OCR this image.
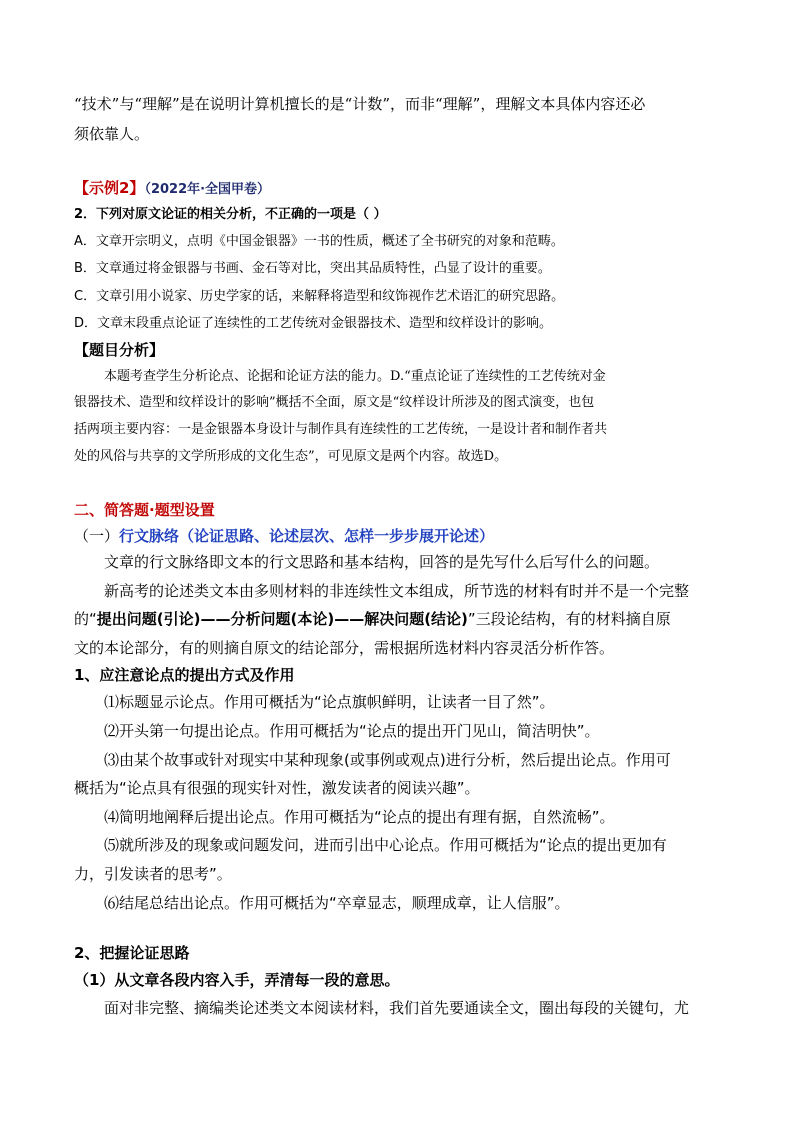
“技术”与“理解”是在说明计算机擅长的是“计数”，而非“理解”，理解文本具体内容还必
须依靠人。
【示例2】（2022年·全国甲卷）
2．下列对原文论证的相关分析，不正确的一项是（ ）
A．文章开宗明义，点明《中国金银器》一书的性质，概述了全书研究的对象和范畴。
B．文章通过将金银器与书画、金石等对比，突出其品质特性，凸显了设计的重要。
C．文章引用小说家、历史学家的话，来解释将造型和纹饰视作艺术语汇的研究思路。
D．文章末段重点论证了连续性的工艺传统对金银器技术、造型和纹样设计的影响。
【题目分析】
本题考查学生分析论点、论据和论证方法的能力。D.“重点论证了连续性的工艺传统对金
银器技术、造型和纹样设计的影响”概括不全面，原文是“纹样设计所涉及的图式演变，也包
括两项主要内容：一是金银器本身设计与制作具有连续性的工艺传统，一是设计者和制作者共
处的风俗与共享的文学所形成的文化生态”，可见原文是两个内容。故选D。
二、简答题·题型设置
（一）行文脉络（论证思路、论述层次、怎样一步步展开论述）
文章的行文脉络即文本的行文思路和基本结构，回答的是先写什么后写什么的问题。
新高考的论述类文本由多则材料的非连续性文本组成，所节选的材料有时并不是一个完整
的“提出问题(引论)——分析问题(本论)——解决问题(结论)”三段论结构，有的材料摘自原
文的本论部分，有的则摘自原文的结论部分，需根据所选材料内容灵活分析作答。
1、应注意论点的提出方式及作用
⑴标题显示论点。作用可概括为“论点旗帜鲜明，让读者一目了然”。
⑵开头第一句提出论点。作用可概括为“论点的提出开门见山，简洁明快”。
⑶由某个故事或针对现实中某种现象(或事例或观点)进行分析，然后提出论点。作用可
概括为“论点具有很强的现实针对性，激发读者的阅读兴趣”。
⑷简明地阐释后提出论点。作用可概括为“论点的提出有理有据，自然流畅”。
⑸就所涉及的现象或问题发问，进而引出中心论点。作用可概括为“论点的提出更加有
力，引发读者的思考”。
⑹结尾总结出论点。作用可概括为“卒章显志，顺理成章，让人信服”。
2、把握论证思路
（1）从文章各段内容入手，弄清每一段的意思。
面对非完整、摘编类论述类文本阅读材料，我们首先要通读全文，圈出每段的关键句，尤
